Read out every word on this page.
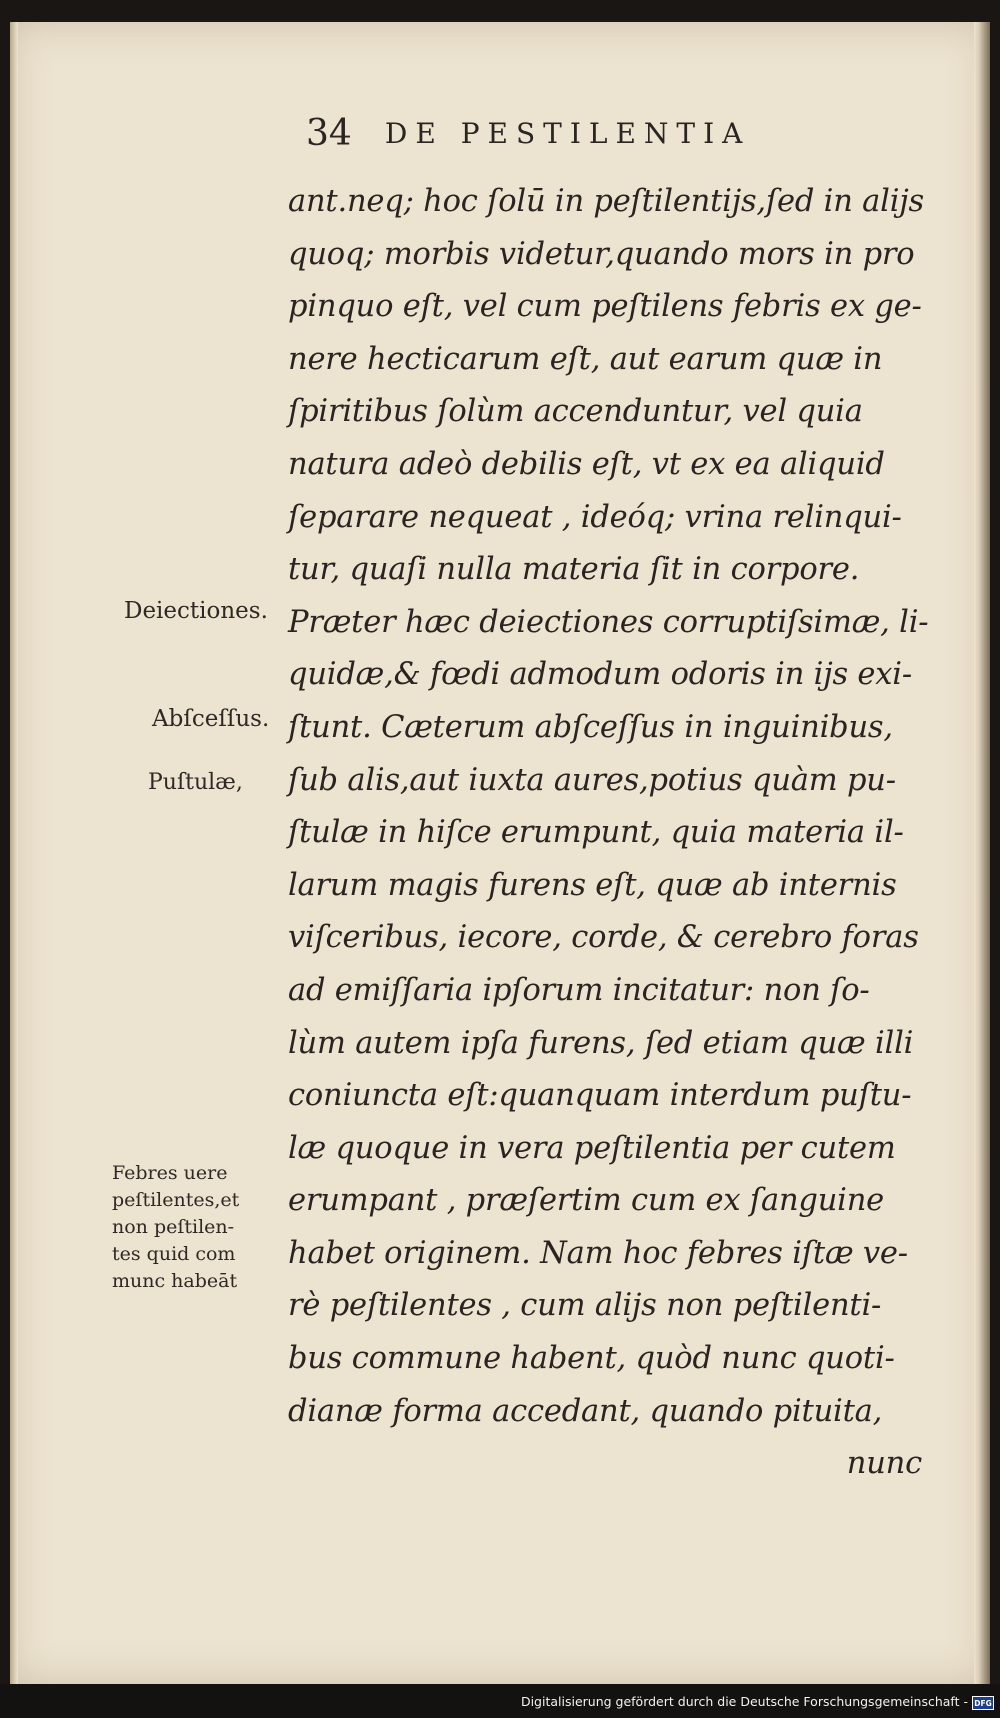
34 DE PESTILENTIA
Deiectiones.
Abſceſſus.
Puſtulæ,
Febres uere
peſtilentes,et
non peſtilen-
tes quid com
munc habeāt
ant.neq; hoc ſolū in peſtilentijs,ſed in alijs
quoq; morbis videtur,quando mors in pro
pinquo eſt, vel cum peſtilens febris ex ge-
nere hecticarum eſt, aut earum quæ in
ſpiritibus ſolùm accenduntur, vel quia
natura adeò debilis eſt, vt ex ea aliquid
ſeparare nequeat , ideóq; vrina relinqui-
tur, quaſi nulla materia ſit in corpore.
Præter hæc deiectiones corruptiſsimæ, li-
quidæ,& fœdi admodum odoris in ijs exi-
ſtunt. Cæterum abſceſſus in inguinibus,
ſub alis,aut iuxta aures,potius quàm pu-
ſtulæ in hiſce erumpunt, quia materia il-
larum magis furens eſt, quæ ab internis
viſceribus, iecore, corde, & cerebro foras
ad emiſſaria ipſorum incitatur: non ſo-
lùm autem ipſa furens, ſed etiam quæ illi
coniuncta eſt:quanquam interdum puſtu-
læ quoque in vera peſtilentia per cutem
erumpant , præſertim cum ex ſanguine
habet originem. Nam hoc febres iſtæ ve-
rè peſtilentes , cum alijs non peſtilenti-
bus commune habent, quòd nunc quoti-
dianæ forma accedant, quando pituita,
nunc
Digitalisierung gefördert durch die Deutsche Forschungsgemeinschaft - DFG
